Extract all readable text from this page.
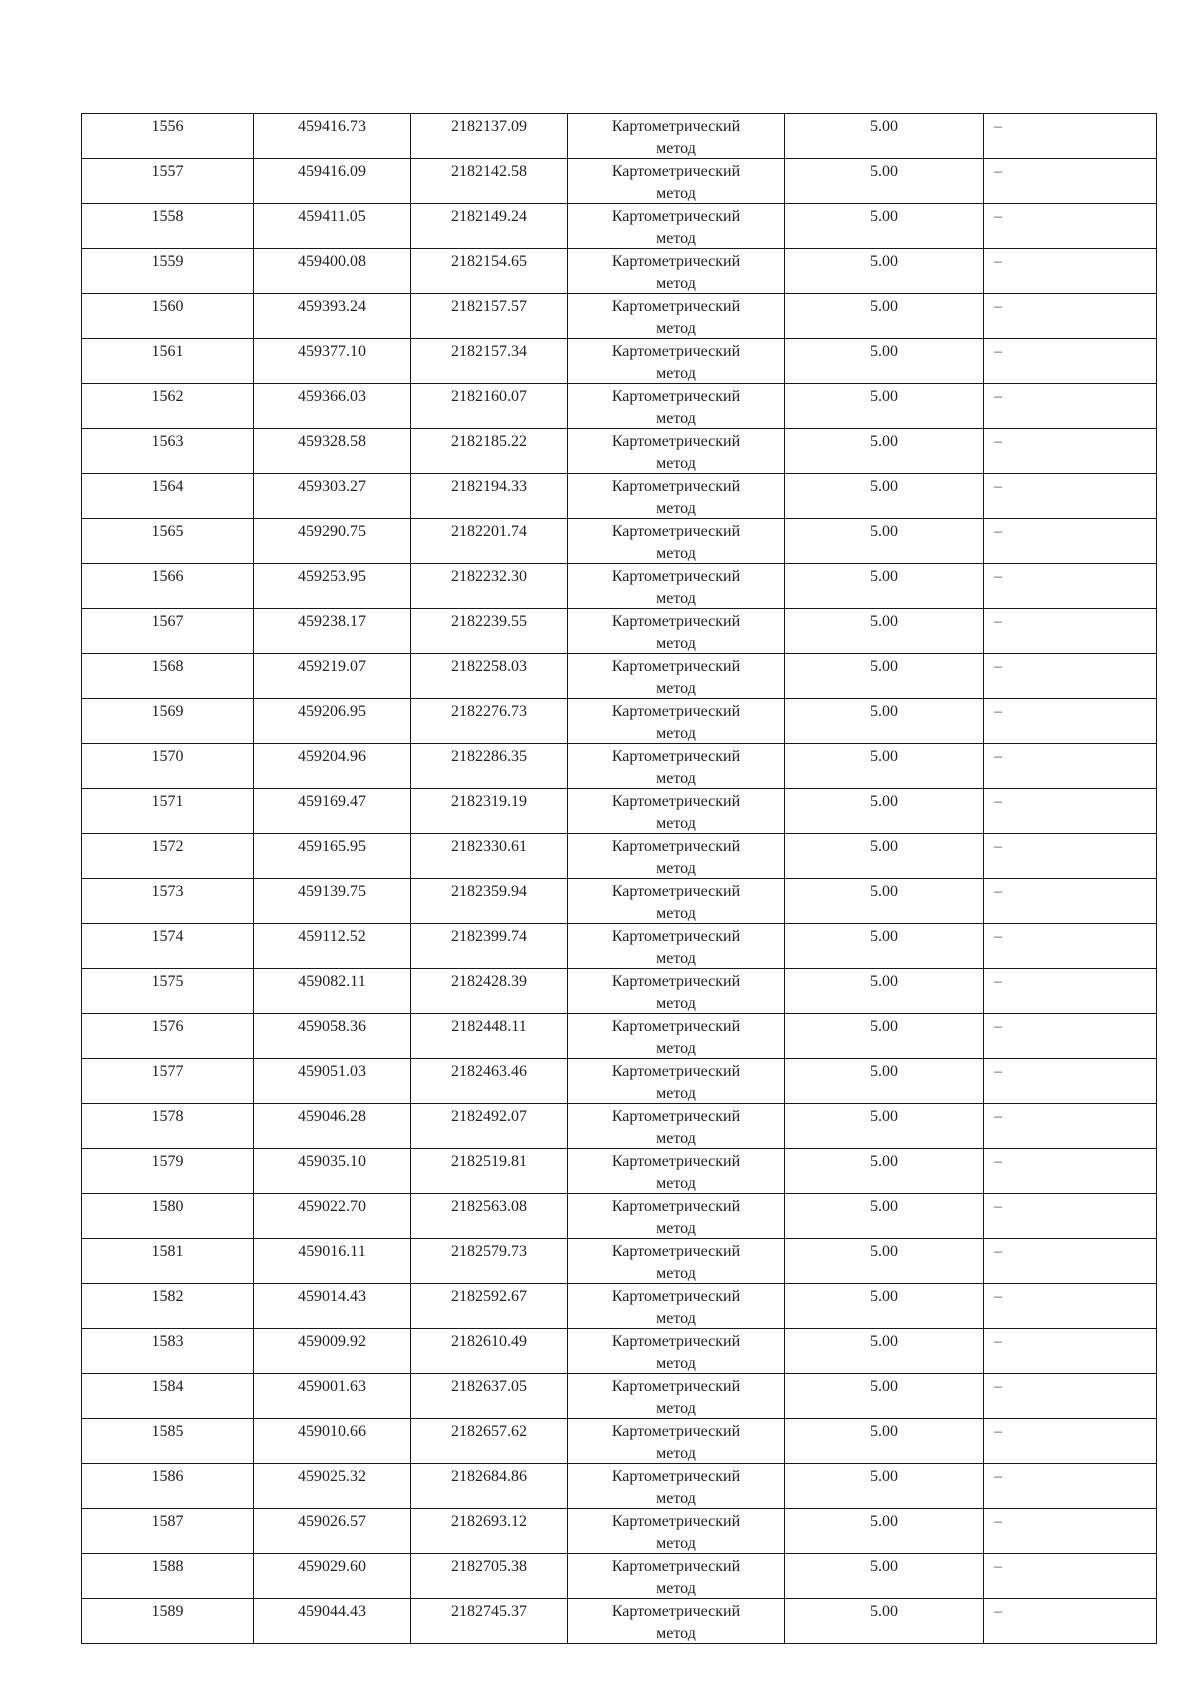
1556	459416.73	2182137.09	Картометрический
метод	5.00	–

1557	459416.09	2182142.58	Картометрический
метод	5.00	–

1558	459411.05	2182149.24	Картометрический
метод	5.00	–

1559	459400.08	2182154.65	Картометрический
метод	5.00	–

1560	459393.24	2182157.57	Картометрический
метод	5.00	–

1561	459377.10	2182157.34	Картометрический
метод	5.00	–

1562	459366.03	2182160.07	Картометрический
метод	5.00	–

1563	459328.58	2182185.22	Картометрический
метод	5.00	–

1564	459303.27	2182194.33	Картометрический
метод	5.00	–

1565	459290.75	2182201.74	Картометрический
метод	5.00	–

1566	459253.95	2182232.30	Картометрический
метод	5.00	–

1567	459238.17	2182239.55	Картометрический
метод	5.00	–

1568	459219.07	2182258.03	Картометрический
метод	5.00	–

1569	459206.95	2182276.73	Картометрический
метод	5.00	–

1570	459204.96	2182286.35	Картометрический
метод	5.00	–

1571	459169.47	2182319.19	Картометрический
метод	5.00	–

1572	459165.95	2182330.61	Картометрический
метод	5.00	–

1573	459139.75	2182359.94	Картометрический
метод	5.00	–

1574	459112.52	2182399.74	Картометрический
метод	5.00	–

1575	459082.11	2182428.39	Картометрический
метод	5.00	–

1576	459058.36	2182448.11	Картометрический
метод	5.00	–

1577	459051.03	2182463.46	Картометрический
метод	5.00	–

1578	459046.28	2182492.07	Картометрический
метод	5.00	–

1579	459035.10	2182519.81	Картометрический
метод	5.00	–

1580	459022.70	2182563.08	Картометрический
метод	5.00	–

1581	459016.11	2182579.73	Картометрический
метод	5.00	–

1582	459014.43	2182592.67	Картометрический
метод	5.00	–

1583	459009.92	2182610.49	Картометрический
метод	5.00	–

1584	459001.63	2182637.05	Картометрический
метод	5.00	–

1585	459010.66	2182657.62	Картометрический
метод	5.00	–

1586	459025.32	2182684.86	Картометрический
метод	5.00	–

1587	459026.57	2182693.12	Картометрический
метод	5.00	–

1588	459029.60	2182705.38	Картометрический
метод	5.00	–

1589	459044.43	2182745.37	Картометрический
метод	5.00	–
